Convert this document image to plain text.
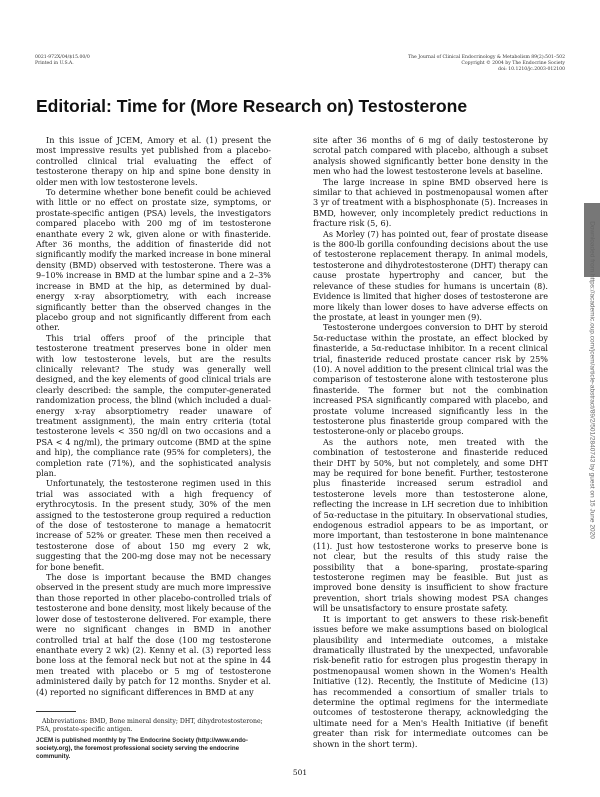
0021-972X/04/$15.00/0
Printed in U.S.A.
The Journal of Clinical Endocrinology & Metabolism 89(2):501–502
Copyright © 2004 by The Endocrine Society
doi: 10.1210/jc.2003-012100
Editorial: Time for (More Research on) Testosterone

In this issue of JCEM, Amory et al. (1) present the most impressive results yet published from a placebo-controlled clinical trial evaluating the effect of testosterone therapy on hip and spine bone density in older men with low testosterone levels.

To determine whether bone benefit could be achieved with little or no effect on prostate size, symptoms, or prostate-specific antigen (PSA) levels, the investigators compared placebo with 200 mg of im testosterone enanthate every 2 wk, given alone or with finasteride. After 36 months, the addition of finasteride did not significantly modify the marked increase in bone mineral density (BMD) observed with testosterone. There was a 9–10% increase in BMD at the lumbar spine and a 2–3% increase in BMD at the hip, as determined by dual-energy x-ray absorptiometry, with each increase significantly better than the observed changes in the placebo group and not significantly different from each other.

This trial offers proof of the principle that testosterone treatment preserves bone in older men with low testosterone levels, but are the results clinically relevant? The study was generally well designed, and the key elements of good clinical trials are clearly described: the sample, the computer-generated randomization process, the blind (which included a dual-energy x-ray absorptiometry reader unaware of treatment assignment), the main entry criteria (total testosterone levels < 350 ng/dl on two occasions and a PSA < 4 ng/ml), the primary outcome (BMD at the spine and hip), the compliance rate (95% for completers), the completion rate (71%), and the sophisticated analysis plan.

Unfortunately, the testosterone regimen used in this trial was associated with a high frequency of erythrocytosis. In the present study, 30% of the men assigned to the testosterone group required a reduction of the dose of testosterone to manage a hematocrit increase of 52% or greater. These men then received a testosterone dose of about 150 mg every 2 wk, suggesting that the 200-mg dose may not be necessary for bone benefit.

The dose is important because the BMD changes observed in the present study are much more impressive than those reported in other placebo-controlled trials of testosterone and bone density, most likely because of the lower dose of testosterone delivered. For example, there were no significant changes in BMD in another controlled trial at half the dose (100 mg testosterone enanthate every 2 wk) (2). Kenny et al. (3) reported less bone loss at the femoral neck but not at the spine in 44 men treated with placebo or 5 mg of testosterone administered daily by patch for 12 months. Snyder et al. (4) reported no significant differences in BMD at any

site after 36 months of 6 mg of daily testosterone by scrotal patch compared with placebo, although a subset analysis showed significantly better bone density in the men who had the lowest testosterone levels at baseline.

The large increase in spine BMD observed here is similar to that achieved in postmenopausal women after 3 yr of treatment with a bisphosphonate (5). Increases in BMD, however, only incompletely predict reductions in fracture risk (5, 6).

As Morley (7) has pointed out, fear of prostate disease is the 800-lb gorilla confounding decisions about the use of testosterone replacement therapy. In animal models, testosterone and dihydrotestosterone (DHT) therapy can cause prostate hypertrophy and cancer, but the relevance of these studies for humans is uncertain (8). Evidence is limited that higher doses of testosterone are more likely than lower doses to have adverse effects on the prostate, at least in younger men (9).

Testosterone undergoes conversion to DHT by steroid 5α-reductase within the prostate, an effect blocked by finasteride, a 5α-reductase inhibitor. In a recent clinical trial, finasteride reduced prostate cancer risk by 25% (10). A novel addition to the present clinical trial was the comparison of testosterone alone with testosterone plus finasteride. The former but not the combination increased PSA significantly compared with placebo, and prostate volume increased significantly less in the testosterone plus finasteride group compared with the testosterone-only or placebo groups.

As the authors note, men treated with the combination of testosterone and finasteride reduced their DHT by 50%, but not completely, and some DHT may be required for bone benefit. Further, testosterone plus finasteride increased serum estradiol and testosterone levels more than testosterone alone, reflecting the increase in LH secretion due to inhibition of 5α-reductase in the pituitary. In observational studies, endogenous estradiol appears to be as important, or more important, than testosterone in bone maintenance (11). Just how testosterone works to preserve bone is not clear, but the results of this study raise the possibility that a bone-sparing, prostate-sparing testosterone regimen may be feasible. But just as improved bone density is insufficient to show fracture prevention, short trials showing modest PSA changes will be unsatisfactory to ensure prostate safety.

It is important to get answers to these risk-benefit issues before we make assumptions based on biological plausibility and intermediate outcomes, a mistake dramatically illustrated by the unexpected, unfavorable risk-benefit ratio for estrogen plus progestin therapy in postmenopausal women shown in the Women's Health Initiative (12). Recently, the Institute of Medicine (13) has recommended a consortium of smaller trials to determine the optimal regimens for the intermediate outcomes of testosterone therapy, acknowledging the ultimate need for a Men's Health Initiative (if benefit greater than risk for intermediate outcomes can be shown in the short term).

Abbreviations: BMD, Bone mineral density; DHT, dihydrotestosterone; PSA, prostate-specific antigen.

JCEM is published monthly by The Endocrine Society (http://www.endo-society.org), the foremost professional society serving the endocrine community.

501
Downloaded from https://academic.oup.com/jcem/article-abstract/89/2/501/2840743 by guest on 15 June 2020
